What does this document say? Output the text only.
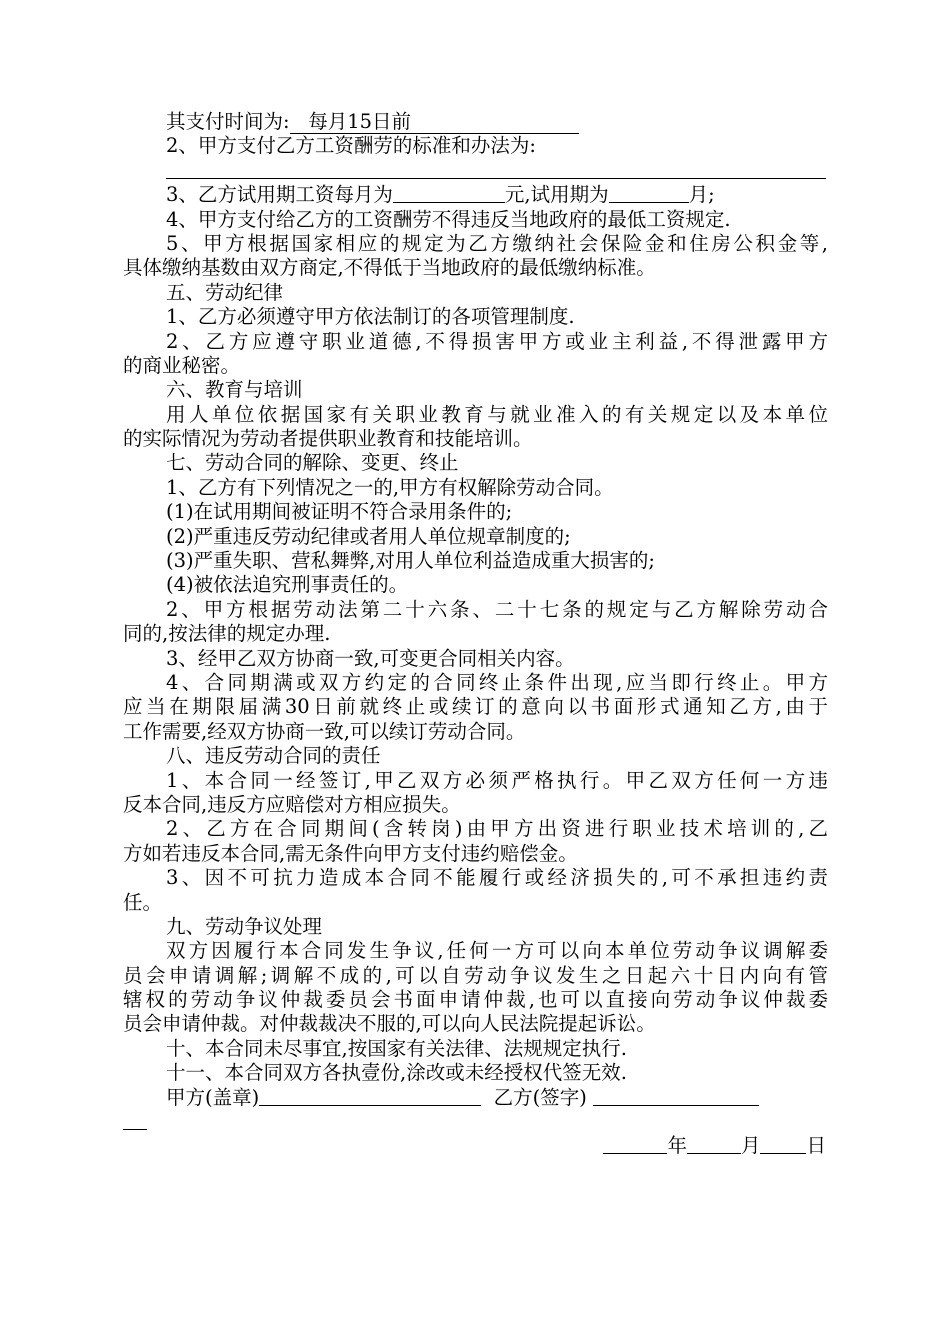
其支付时间为: 每月15日前
2、甲方支付乙方工资酬劳的标准和办法为:
3、乙方试用期工资每月为	元,试用期为	月;
4、甲方支付给乙方的工资酬劳不得违反当地政府的最低工资规定.
5、甲方根据国家相应的规定为乙方缴纳社会保险金和住房公积金等,
具体缴纳基数由双方商定,不得低于当地政府的最低缴纳标准。
五、劳动纪律
1、乙方必须遵守甲方依法制订的各项管理制度.
2、乙方应遵守职业道德,不得损害甲方或业主利益,不得泄露甲方
的商业秘密。
六、教育与培训
用人单位依据国家有关职业教育与就业准入的有关规定以及本单位
的实际情况为劳动者提供职业教育和技能培训。
七、劳动合同的解除、变更、终止
1、乙方有下列情况之一的,甲方有权解除劳动合同。
(1)在试用期间被证明不符合录用条件的;
(2)严重违反劳动纪律或者用人单位规章制度的;
(3)严重失职、营私舞弊,对用人单位利益造成重大损害的;
(4)被依法追究刑事责任的。
2、甲方根据劳动法第二十六条、二十七条的规定与乙方解除劳动合
同的,按法律的规定办理.
3、经甲乙双方协商一致,可变更合同相关内容。
4、合同期满或双方约定的合同终止条件出现,应当即行终止。甲方
应当在期限届满30日前就终止或续订的意向以书面形式通知乙方,由于
工作需要,经双方协商一致,可以续订劳动合同。
八、违反劳动合同的责任
1、本合同一经签订,甲乙双方必须严格执行。甲乙双方任何一方违
反本合同,违反方应赔偿对方相应损失。
2、乙方在合同期间(含转岗)由甲方出资进行职业技术培训的,乙
方如若违反本合同,需无条件向甲方支付违约赔偿金。
3、因不可抗力造成本合同不能履行或经济损失的,可不承担违约责
任。
九、劳动争议处理
双方因履行本合同发生争议,任何一方可以向本单位劳动争议调解委
员会申请调解;调解不成的,可以自劳动争议发生之日起六十日内向有管
辖权的劳动争议仲裁委员会书面申请仲裁,也可以直接向劳动争议仲裁委
员会申请仲裁。对仲裁裁决不服的,可以向人民法院提起诉讼。
十、本合同未尽事宜,按国家有关法律、法规规定执行.
十一、本合同双方各执壹份,涂改或未经授权代签无效.
甲方(盖章)	乙方(签字)
年	月 日
